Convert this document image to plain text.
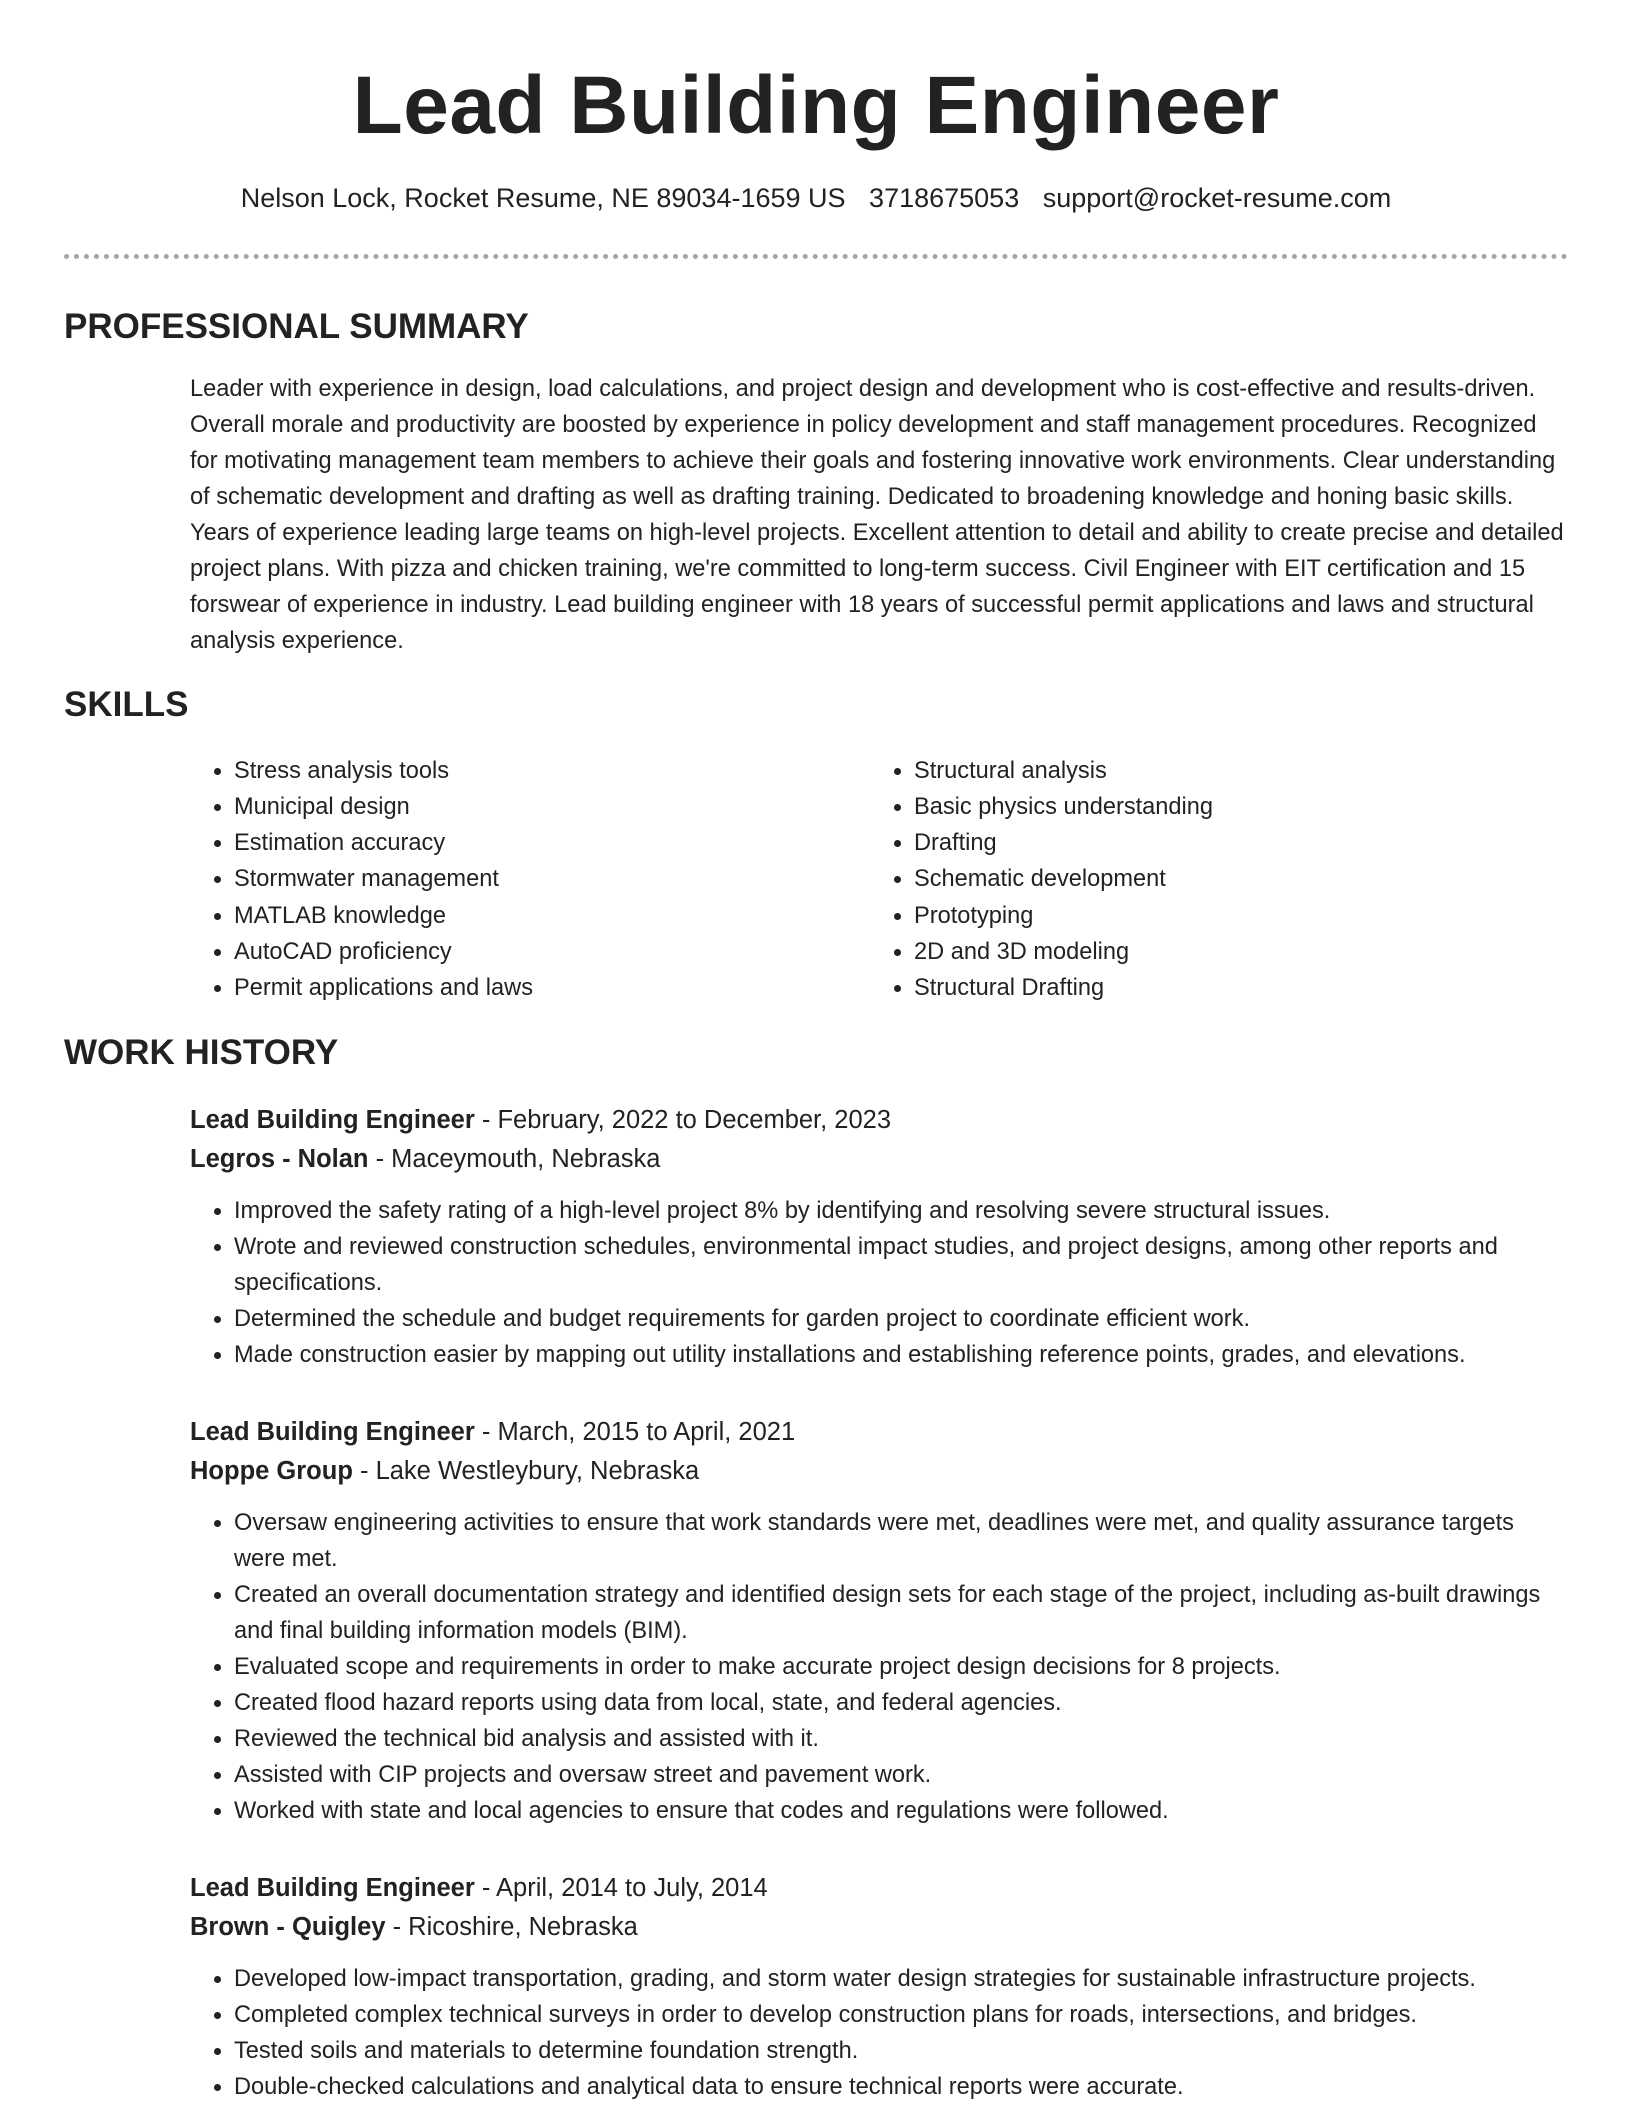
Lead Building Engineer
Nelson Lock, Rocket Resume, NE 89034-1659 US 3718675053 support@rocket-resume.com
PROFESSIONAL SUMMARY

Leader with experience in design, load calculations, and project design and development who is cost-effective and results-driven. Overall morale and productivity are boosted by experience in policy development and staff management procedures. Recognized for motivating management team members to achieve their goals and fostering innovative work environments. Clear understanding of schematic development and drafting as well as drafting training. Dedicated to broadening knowledge and honing basic skills. Years of experience leading large teams on high-level projects. Excellent attention to detail and ability to create precise and detailed project plans. With pizza and chicken training, we're committed to long-term success. Civil Engineer with EIT certification and 15 forswear of experience in industry. Lead building engineer with 18 years of successful permit applications and laws and structural analysis experience.

SKILLS
• Stress analysis tools
• Municipal design
• Estimation accuracy
• Stormwater management
• MATLAB knowledge
• AutoCAD proficiency
• Permit applications and laws
• Structural analysis
• Basic physics understanding
• Drafting
• Schematic development
• Prototyping
• 2D and 3D modeling
• Structural Drafting
WORK HISTORY
Lead Building Engineer - February, 2022 to December, 2023
Legros - Nolan - Maceymouth, Nebraska
• Improved the safety rating of a high-level project 8% by identifying and resolving severe structural issues.
• Wrote and reviewed construction schedules, environmental impact studies, and project designs, among other reports and specifications.
• Determined the schedule and budget requirements for garden project to coordinate efficient work.
• Made construction easier by mapping out utility installations and establishing reference points, grades, and elevations.
Lead Building Engineer - March, 2015 to April, 2021
Hoppe Group - Lake Westleybury, Nebraska
• Oversaw engineering activities to ensure that work standards were met, deadlines were met, and quality assurance targets were met.
• Created an overall documentation strategy and identified design sets for each stage of the project, including as-built drawings and final building information models (BIM).
• Evaluated scope and requirements in order to make accurate project design decisions for 8 projects.
• Created flood hazard reports using data from local, state, and federal agencies.
• Reviewed the technical bid analysis and assisted with it.
• Assisted with CIP projects and oversaw street and pavement work.
• Worked with state and local agencies to ensure that codes and regulations were followed.
Lead Building Engineer - April, 2014 to July, 2014
Brown - Quigley - Ricoshire, Nebraska
• Developed low-impact transportation, grading, and storm water design strategies for sustainable infrastructure projects.
• Completed complex technical surveys in order to develop construction plans for roads, intersections, and bridges.
• Tested soils and materials to determine foundation strength.
• Double-checked calculations and analytical data to ensure technical reports were accurate.
